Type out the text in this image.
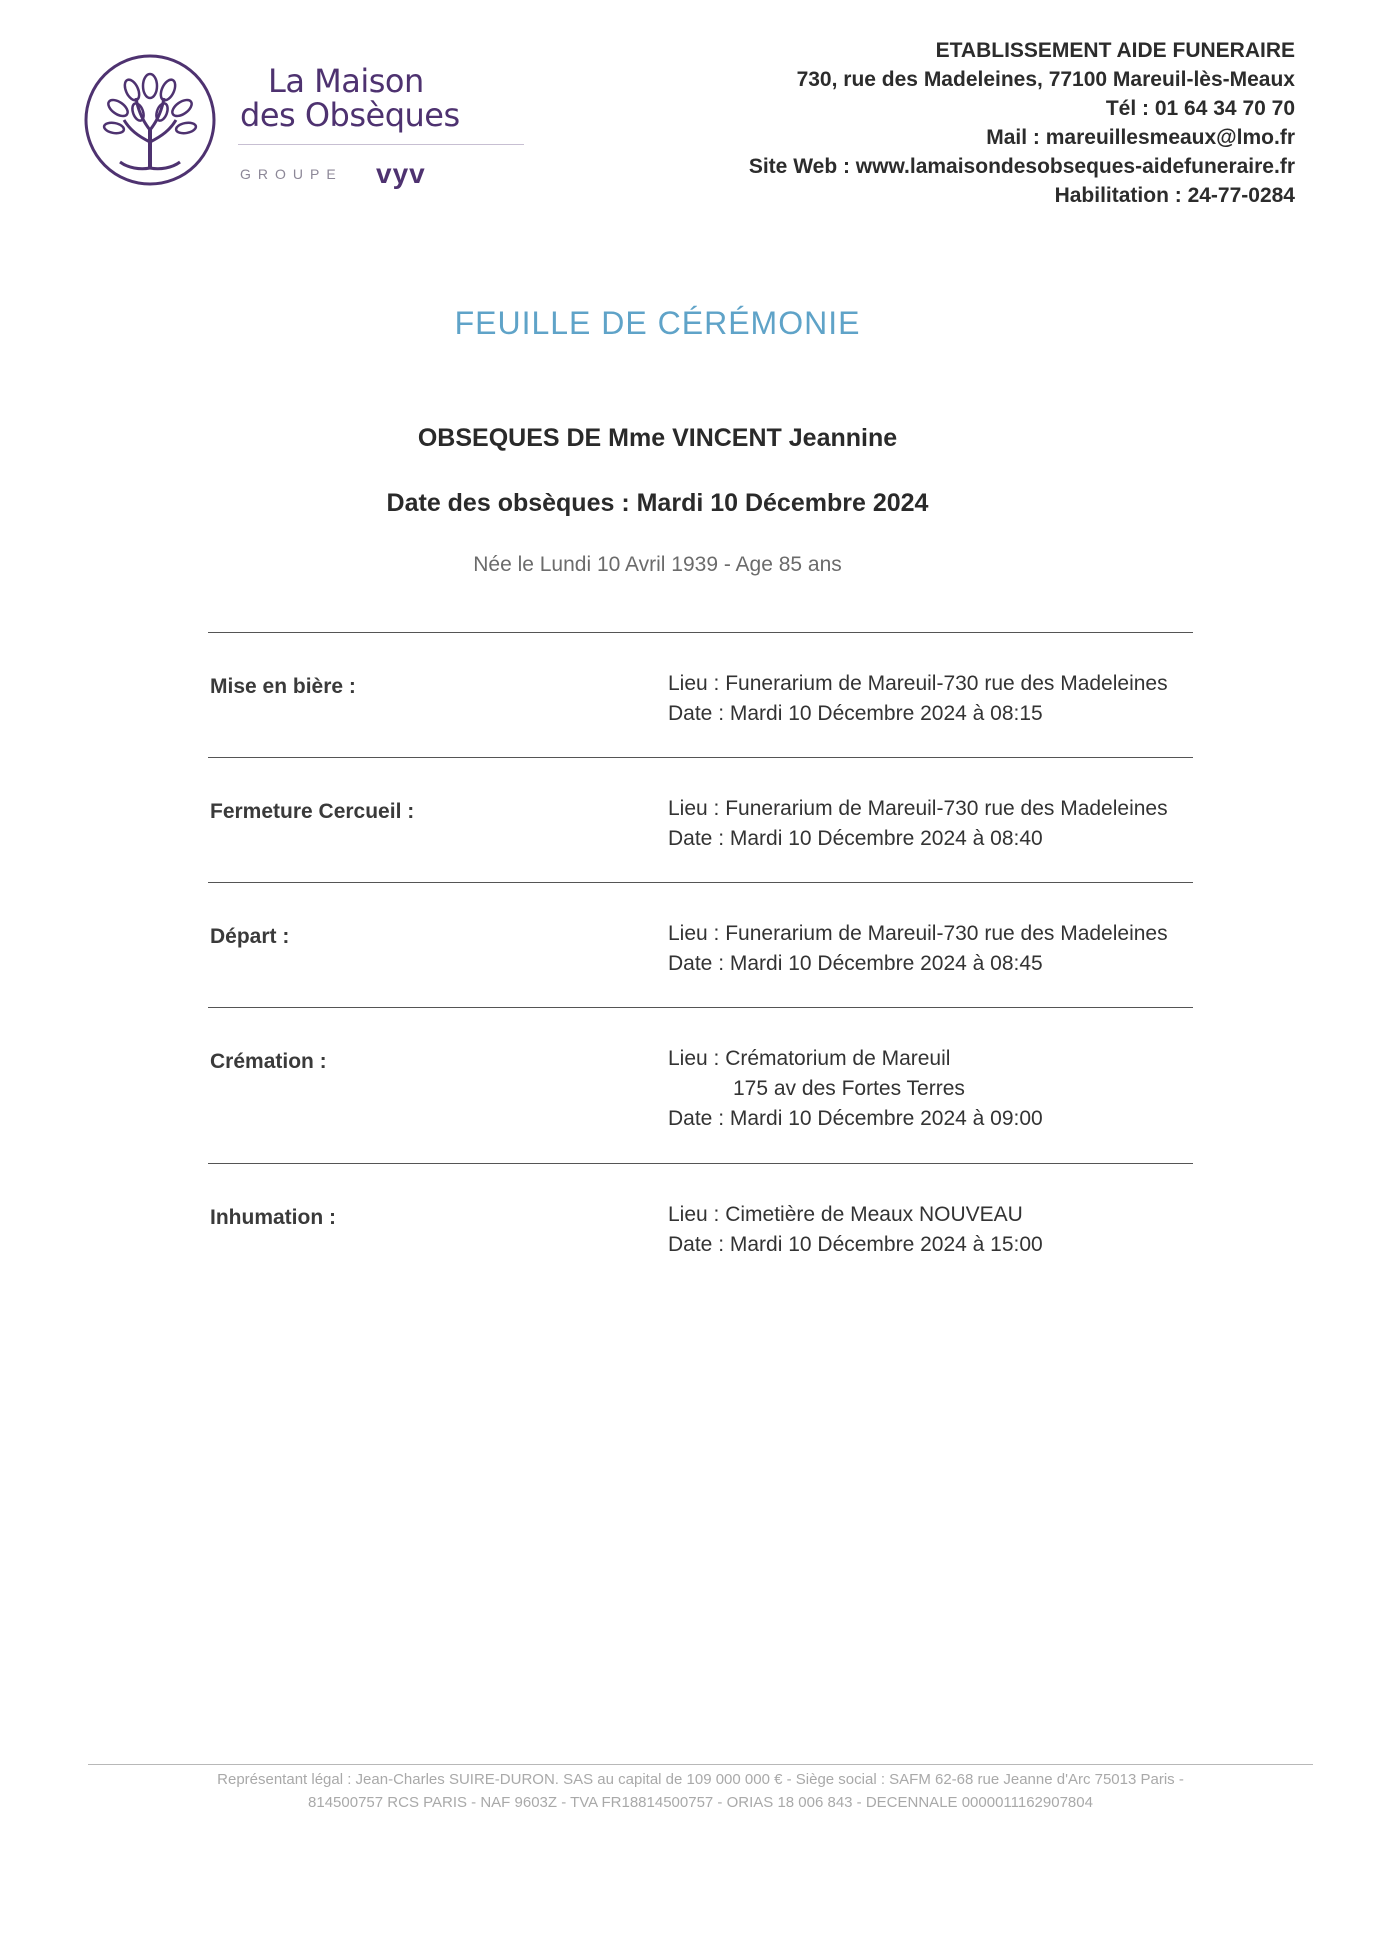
La Maison
des Obsèques
GROUPE vyv
ETABLISSEMENT AIDE FUNERAIRE
730, rue des Madeleines, 77100 Mareuil-lès-Meaux
Tél : 01 64 34 70 70
Mail : mareuillesmeaux@lmo.fr
Site Web : www.lamaisondesobseques-aidefuneraire.fr
Habilitation : 24-77-0284
FEUILLE DE CÉRÉMONIE
OBSEQUES DE Mme VINCENT Jeannine
Date des obsèques : Mardi 10 Décembre 2024
Née le Lundi 10 Avril 1939 - Age 85 ans
Mise en bière :	Lieu : Funerarium de Mareuil-730 rue des Madeleines
Date : Mardi 10 Décembre 2024 à 08:15
Fermeture Cercueil :	Lieu : Funerarium de Mareuil-730 rue des Madeleines
Date : Mardi 10 Décembre 2024 à 08:40
Départ :	Lieu : Funerarium de Mareuil-730 rue des Madeleines
Date : Mardi 10 Décembre 2024 à 08:45
Crémation :	Lieu : Crématorium de Mareuil
175 av des Fortes Terres
Date : Mardi 10 Décembre 2024 à 09:00
Inhumation :	Lieu : Cimetière de Meaux NOUVEAU
Date : Mardi 10 Décembre 2024 à 15:00
Représentant légal : Jean-Charles SUIRE-DURON. SAS au capital de 109 000 000 € - Siège social : SAFM 62-68 rue Jeanne d'Arc 75013 Paris -
814500757 RCS PARIS - NAF 9603Z - TVA FR18814500757 - ORIAS 18 006 843 - DECENNALE 0000011162907804
